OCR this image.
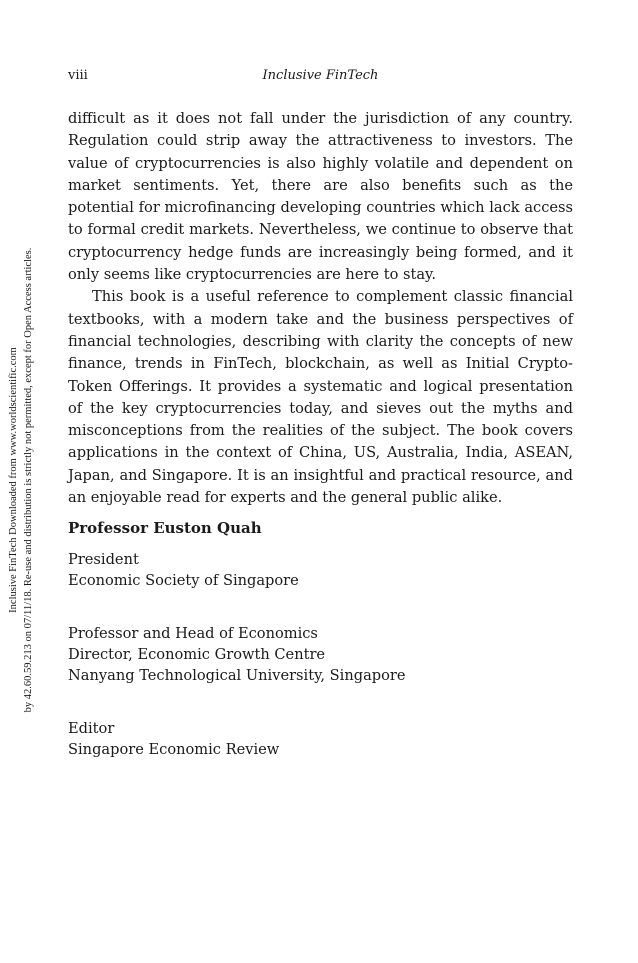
viii	Inclusive FinTech
Inclusive FinTech Downloaded from www.worldscientific.com by 42.60.59.213 on 07/11/18. Re-use and distribution is strictly not permitted, except for Open Access articles.

difficult as it does not fall under the jurisdiction of any country. Regulation could strip away the attractiveness to investors. The value of cryptocurrencies is also highly volatile and dependent on market sentiments. Yet, there are also benefits such as the potential for microfinancing developing countries which lack access to formal credit markets. Nevertheless, we continue to observe that cryptocurrency hedge funds are increasingly being formed, and it only seems like cryptocurrencies are here to stay.

This book is a useful reference to complement classic financial textbooks, with a modern take and the business perspectives of financial technologies, describing with clarity the concepts of new finance, trends in FinTech, blockchain, as well as Initial Crypto-Token Offerings. It provides a systematic and logical presentation of the key cryptocurrencies today, and sieves out the myths and misconceptions from the realities of the subject. The book covers applications in the context of China, US, Australia, India, ASEAN, Japan, and Singapore. It is an insightful and practical resource, and an enjoyable read for experts and the general public alike.

Professor Euston Quah
President
Economic Society of Singapore
Professor and Head of Economics
Director, Economic Growth Centre
Nanyang Technological University, Singapore
Editor
Singapore Economic Review
